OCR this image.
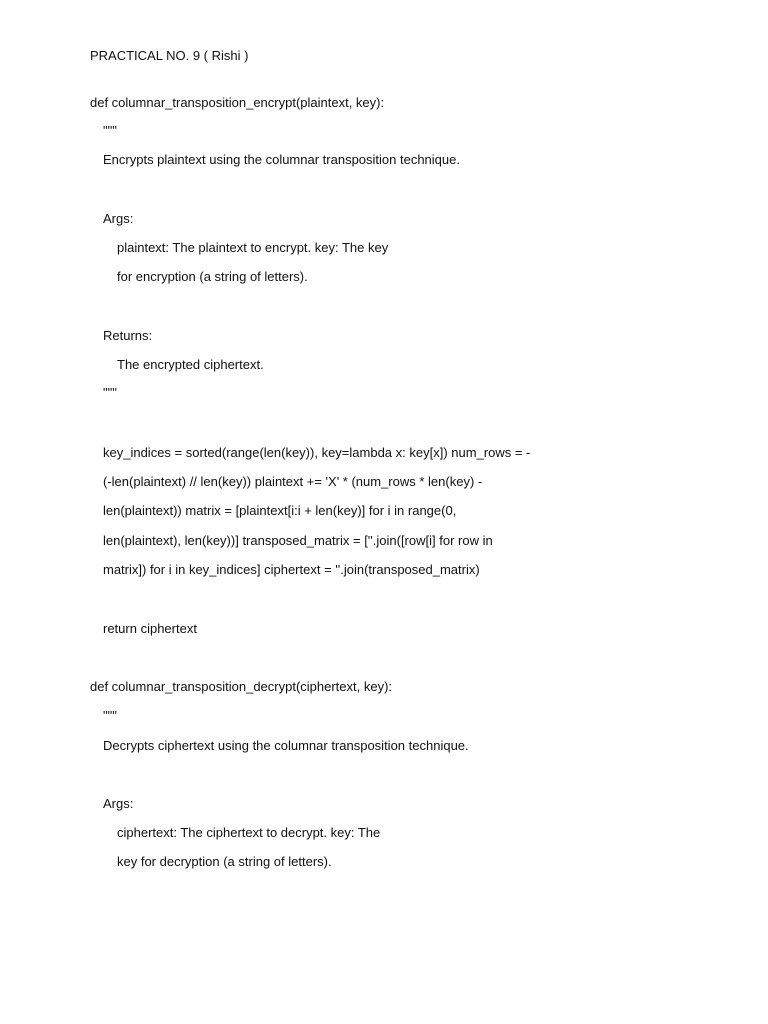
PRACTICAL NO. 9 ( Rishi )
def columnar_transposition_encrypt(plaintext, key):
"""
Encrypts plaintext using the columnar transposition technique.
Args:
plaintext: The plaintext to encrypt. key: The key
for encryption (a string of letters).
Returns:
The encrypted ciphertext.
"""
key_indices = sorted(range(len(key)), key=lambda x: key[x]) num_rows = -
(-len(plaintext) // len(key)) plaintext += 'X' * (num_rows * len(key) -
len(plaintext)) matrix = [plaintext[i:i + len(key)] for i in range(0,
len(plaintext), len(key))] transposed_matrix = [''.join([row[i] for row in
matrix]) for i in key_indices] ciphertext = ''.join(transposed_matrix)
return ciphertext
def columnar_transposition_decrypt(ciphertext, key):
"""
Decrypts ciphertext using the columnar transposition technique.
Args:
ciphertext: The ciphertext to decrypt. key: The
key for decryption (a string of letters).
